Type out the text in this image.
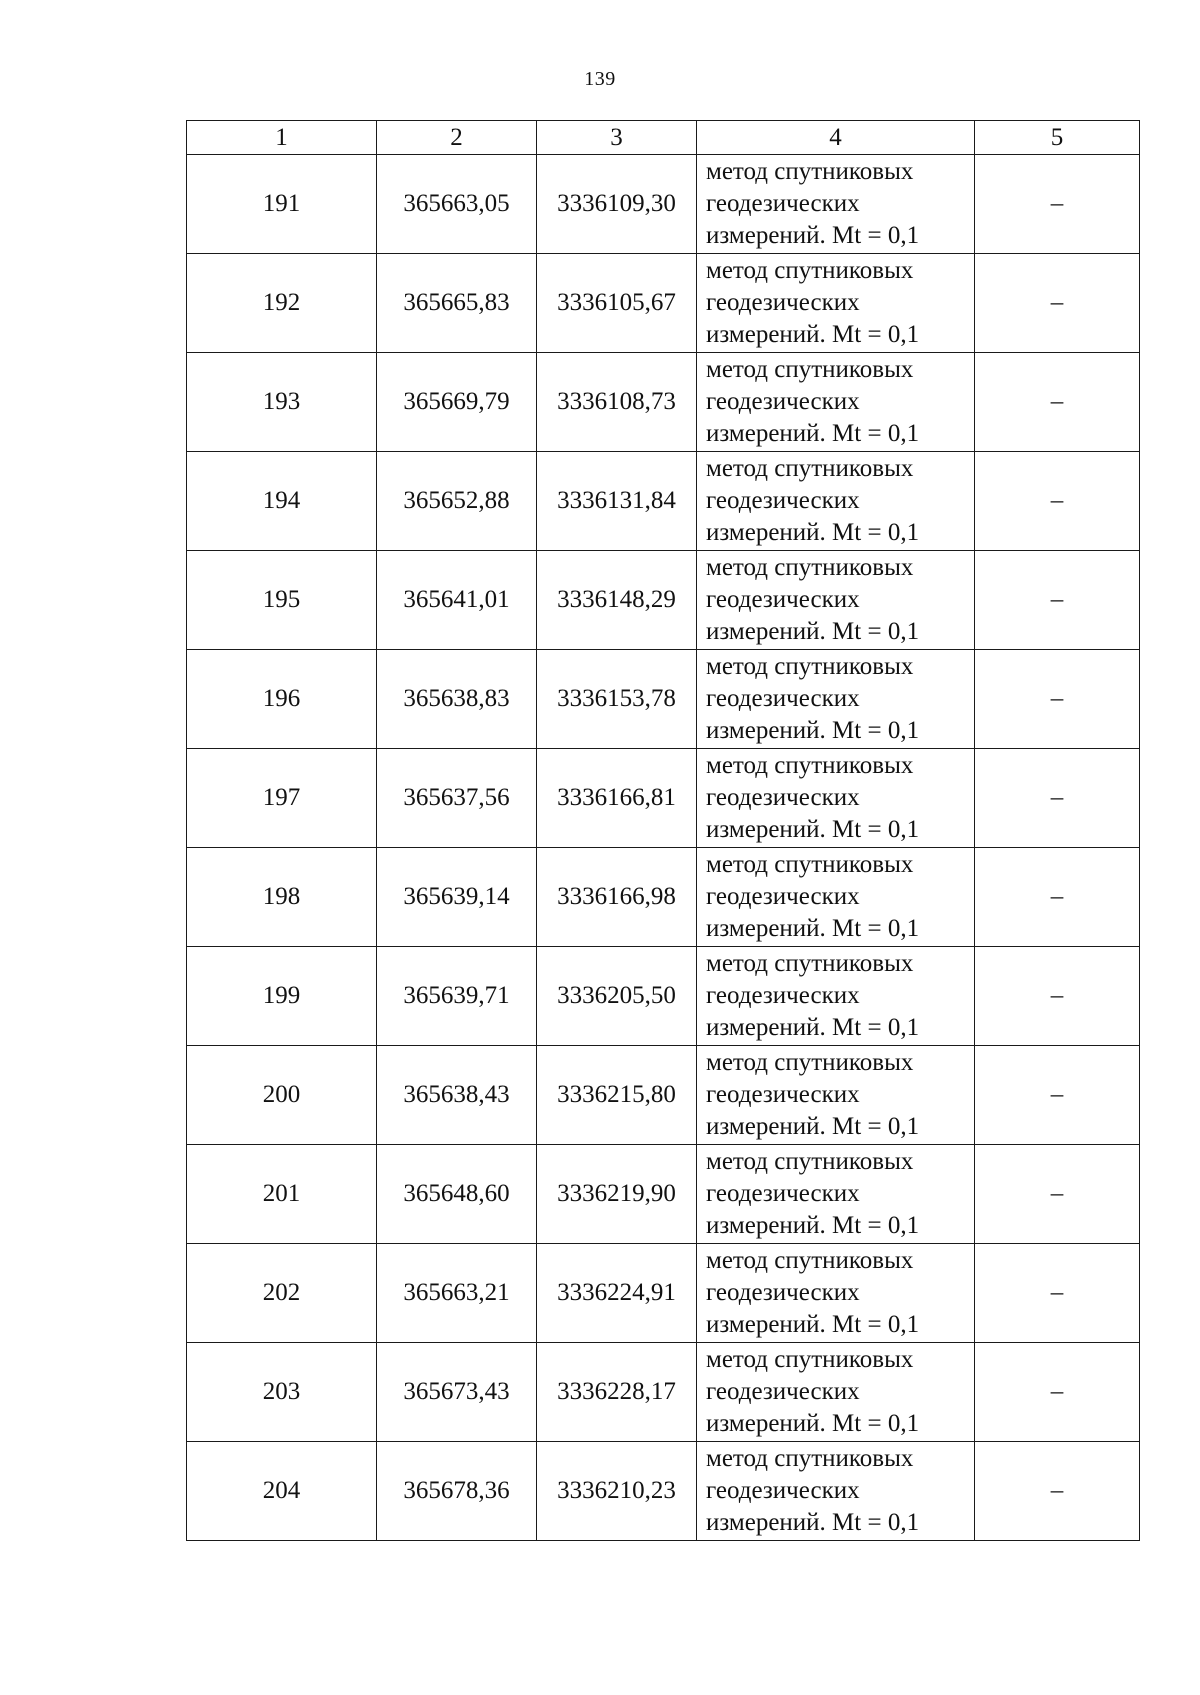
139
1	2	3	4	5
191	365663,05	3336109,30	метод спутниковых
геодезических
измерений. Mt = 0,1	–
192	365665,83	3336105,67	метод спутниковых
геодезических
измерений. Mt = 0,1	–
193	365669,79	3336108,73	метод спутниковых
геодезических
измерений. Mt = 0,1	–
194	365652,88	3336131,84	метод спутниковых
геодезических
измерений. Mt = 0,1	–
195	365641,01	3336148,29	метод спутниковых
геодезических
измерений. Mt = 0,1	–
196	365638,83	3336153,78	метод спутниковых
геодезических
измерений. Mt = 0,1	–
197	365637,56	3336166,81	метод спутниковых
геодезических
измерений. Mt = 0,1	–
198	365639,14	3336166,98	метод спутниковых
геодезических
измерений. Mt = 0,1	–
199	365639,71	3336205,50	метод спутниковых
геодезических
измерений. Mt = 0,1	–
200	365638,43	3336215,80	метод спутниковых
геодезических
измерений. Mt = 0,1	–
201	365648,60	3336219,90	метод спутниковых
геодезических
измерений. Mt = 0,1	–
202	365663,21	3336224,91	метод спутниковых
геодезических
измерений. Mt = 0,1	–
203	365673,43	3336228,17	метод спутниковых
геодезических
измерений. Mt = 0,1	–
204	365678,36	3336210,23	метод спутниковых
геодезических
измерений. Mt = 0,1	–
